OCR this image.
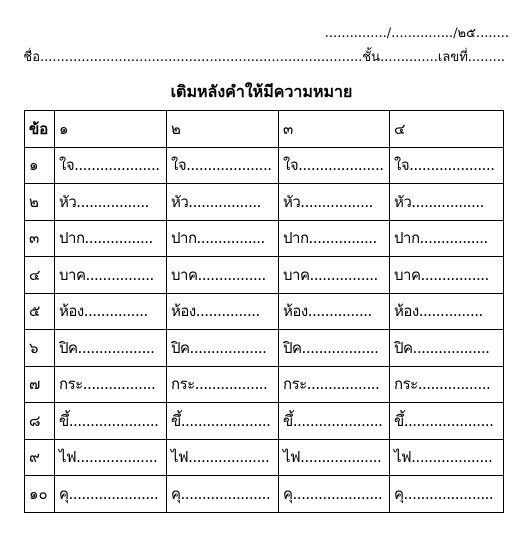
.............../.............../๒๕........
ชื่อ .............................................................................. ชั้น .............. เลขที่ .........
เติมหลังคำให้มีความหมาย
ข้อ	๑	๒	๓	๔
๑	ใจ....................	ใจ....................	ใจ....................	ใจ....................
๒	หัว.................	หัว.................	หัว.................	หัว.................
๓	ปาก................	ปาก................	ปาก................	ปาก................
๔	บาค................	บาค................	บาค................	บาค................
๕	ห้อง...............	ห้อง...............	ห้อง...............	ห้อง...............
๖	ปิค..................	ปิค..................	ปิค..................	ปิค..................
๗	กระ.................	กระ.................	กระ.................	กระ.................
๘	ขึ้.....................	ขึ้.....................	ขึ้.....................	ขึ้.....................
๙	ไฟ...................	ไฟ...................	ไฟ...................	ไฟ...................
๑๐	คุ.....................	คุ.....................	คุ.....................	คุ.....................
